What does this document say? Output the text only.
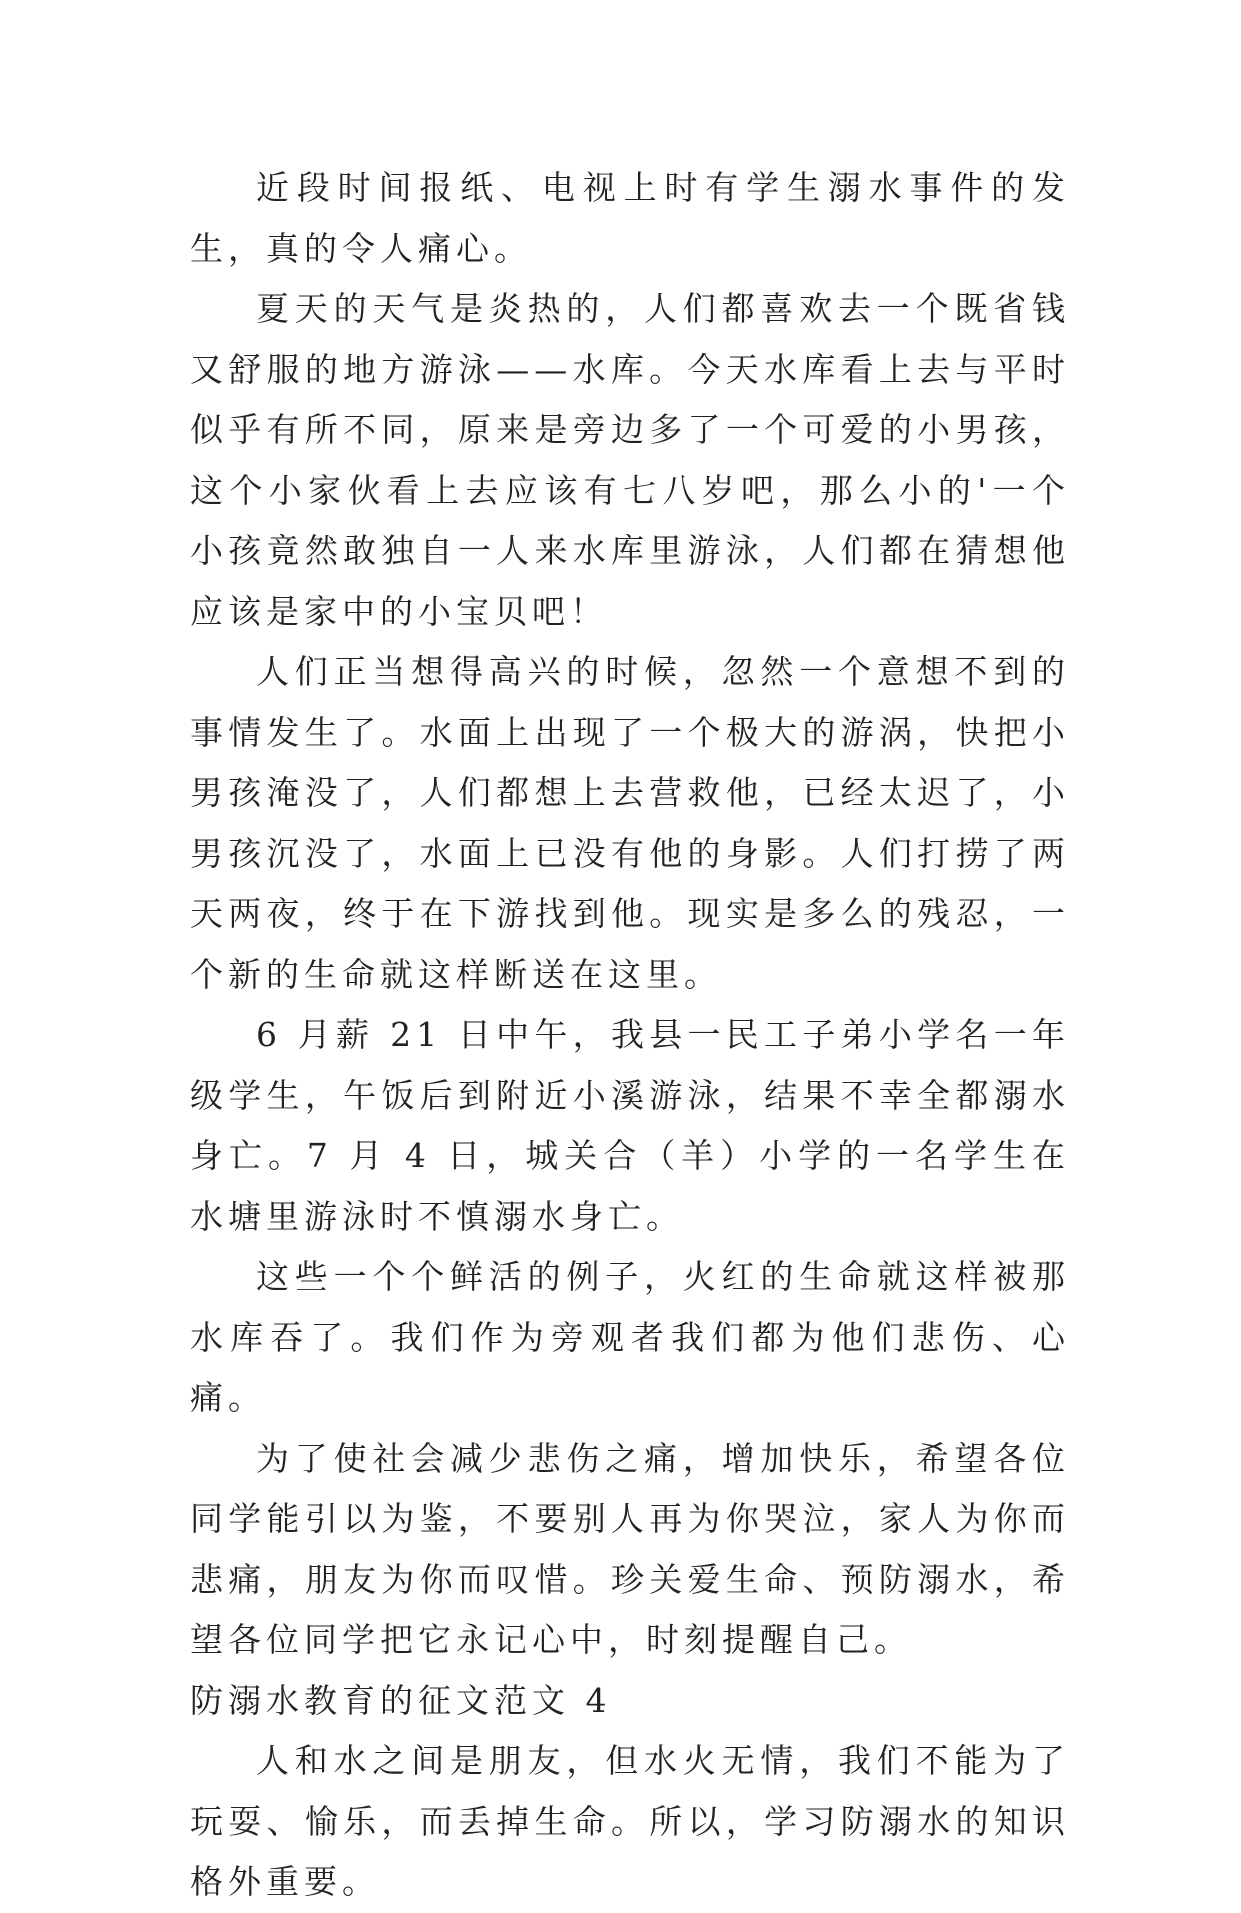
近段时间报纸、电视上时有学生溺水事件的发生，真的令人痛心。

夏天的天气是炎热的，人们都喜欢去一个既省钱又舒服的地方游泳——水库。今天水库看上去与平时似乎有所不同，原来是旁边多了一个可爱的小男孩，这个小家伙看上去应该有七八岁吧，那么小的'一个小孩竟然敢独自一人来水库里游泳，人们都在猜想他应该是家中的小宝贝吧！

人们正当想得高兴的时候，忽然一个意想不到的事情发生了。水面上出现了一个极大的游涡，快把小男孩淹没了，人们都想上去营救他，已经太迟了，小男孩沉没了，水面上已没有他的身影。人们打捞了两天两夜，终于在下游找到他。现实是多么的残忍，一个新的生命就这样断送在这里。

6 月薪 21 日中午，我县一民工子弟小学名一年级学生，午饭后到附近小溪游泳，结果不幸全都溺水身亡。7 月 4 日，城关合（羊）小学的一名学生在水塘里游泳时不慎溺水身亡。

这些一个个鲜活的例子，火红的生命就这样被那水库吞了。我们作为旁观者我们都为他们悲伤、心痛。

为了使社会减少悲伤之痛，增加快乐，希望各位同学能引以为鉴，不要别人再为你哭泣，家人为你而悲痛，朋友为你而叹惜。珍关爱生命、预防溺水，希望各位同学把它永记心中，时刻提醒自己。

防溺水教育的征文范文 4

人和水之间是朋友，但水火无情，我们不能为了玩耍、愉乐，而丢掉生命。所以，学习防溺水的知识格外重要。
